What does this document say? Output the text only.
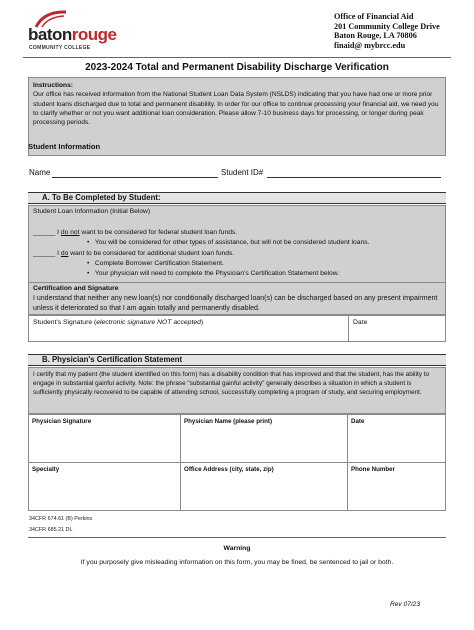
batonrouge
COMMUNITY COLLEGE
Office of Financial Aid
201 Community College Drive
Baton Rouge, LA 70806
finaid@ mybrcc.edu
2023-2024 Total and Permanent Disability Discharge Verification
Instructions:
Our office has received information from the National Student Loan Data System (NSLDS) indicating that you have had one or more prior student loans discharged due to total and permanent disability. In order for our office to continue processing your financial aid, we need you to clarify whether or not you want additional loan consideration. Please allow 7-10 business days for processing, or longer during peak processing periods.
Student Information
Name	Student ID#
A. To Be Completed by Student:
Student Loan Information (Initial Below)
______ I do not want to be considered for federal student loan funds.
•   You will be considered for other types of assistance, but will not be considered student loans.
______ I do want to be considered for additional student loan funds.
•   Complete Borrower Certification Statement.
•   Your physician will need to complete the Physician's Certification Statement below.
Certification and Signature
I understand that neither any new loan(s) nor conditionally discharged loan(s) can be discharged based on any present impairment unless it deteriorated so that I am again totally and permanently disabled.
Student's Signature (electronic signature NOT accepted)	Date
B. Physician's Certification Statement
I certify that my patient (the student identified on this form) has a disability condition that has improved and that the student, has the ability to engage in substantial gainful activity. Note: the phrase "substantial gainful activity" generally describes a situation in which a student is sufficiently physically recovered to be capable of attending school, successfully completing a program of study, and securing employment.
Physician Signature	Physician Name (please print)	Date
Specialty	Office Address (city, state, zip)	Phone Number
34CFR 674.61 (B) Perkins
34CFR 685.21 DL
Warning
If you purposely give misleading information on this form, you may be fined, be sentenced to jail or both.
Rev 07/23
